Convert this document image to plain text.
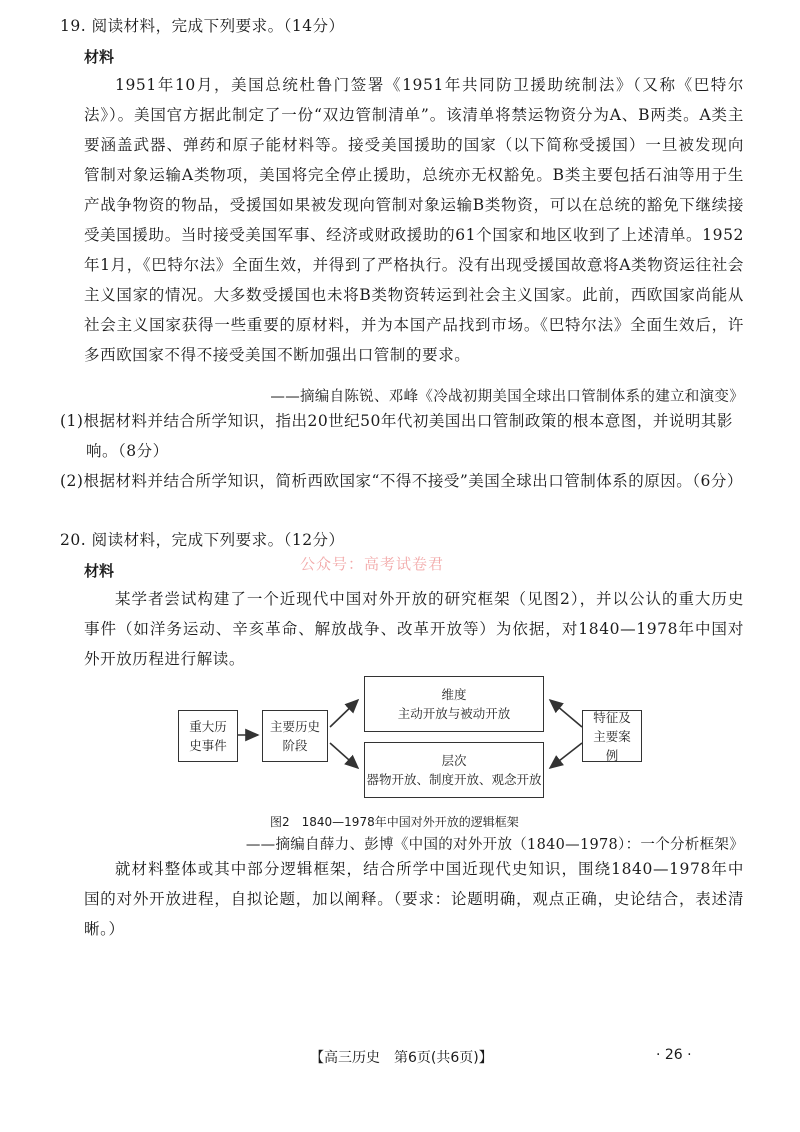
19. 阅读材料，完成下列要求。（14分）
材料

1951年10月，美国总统杜鲁门签署《1951年共同防卫援助统制法》（又称《巴特尔法》）。美国官方据此制定了一份“双边管制清单”。该清单将禁运物资分为A、B两类。A类主要涵盖武器、弹药和原子能材料等。接受美国援助的国家（以下简称受援国）一旦被发现向管制对象运输A类物项，美国将完全停止援助，总统亦无权豁免。B类主要包括石油等用于生产战争物资的物品，受援国如果被发现向管制对象运输B类物资，可以在总统的豁免下继续接受美国援助。当时接受美国军事、经济或财政援助的61个国家和地区收到了上述清单。1952年1月，《巴特尔法》全面生效，并得到了严格执行。没有出现受援国故意将A类物资运往社会主义国家的情况。大多数受援国也未将B类物资转运到社会主义国家。此前，西欧国家尚能从社会主义国家获得一些重要的原材料，并为本国产品找到市场。《巴特尔法》全面生效后，许多西欧国家不得不接受美国不断加强出口管制的要求。

——摘编自陈锐、邓峰《冷战初期美国全球出口管制体系的建立和演变》
(1)根据材料并结合所学知识，指出20世纪50年代初美国出口管制政策的根本意图，并说明其影响。（8分）
(2)根据材料并结合所学知识，简析西欧国家“不得不接受”美国全球出口管制体系的原因。（6分）
20. 阅读材料，完成下列要求。（12分）
公众号：高考试卷君
材料

某学者尝试构建了一个近现代中国对外开放的研究框架（见图2），并以公认的重大历史事件（如洋务运动、辛亥革命、解放战争、改革开放等）为依据，对1840—1978年中国对外开放历程进行解读。

重大历史事件
主要历史阶段
维度
主动开放与被动开放
层次
器物开放、制度开放、观念开放
特征及主要案例
图2　1840—1978年中国对外开放的逻辑框架
——摘编自薛力、彭博《中国的对外开放（1840—1978）：一个分析框架》

就材料整体或其中部分逻辑框架，结合所学中国近现代史知识，围绕1840—1978年中国的对外开放进程，自拟论题，加以阐释。（要求：论题明确，观点正确，史论结合，表述清晰。）

【高三历史　第6页(共6页)】	· 26 ·
